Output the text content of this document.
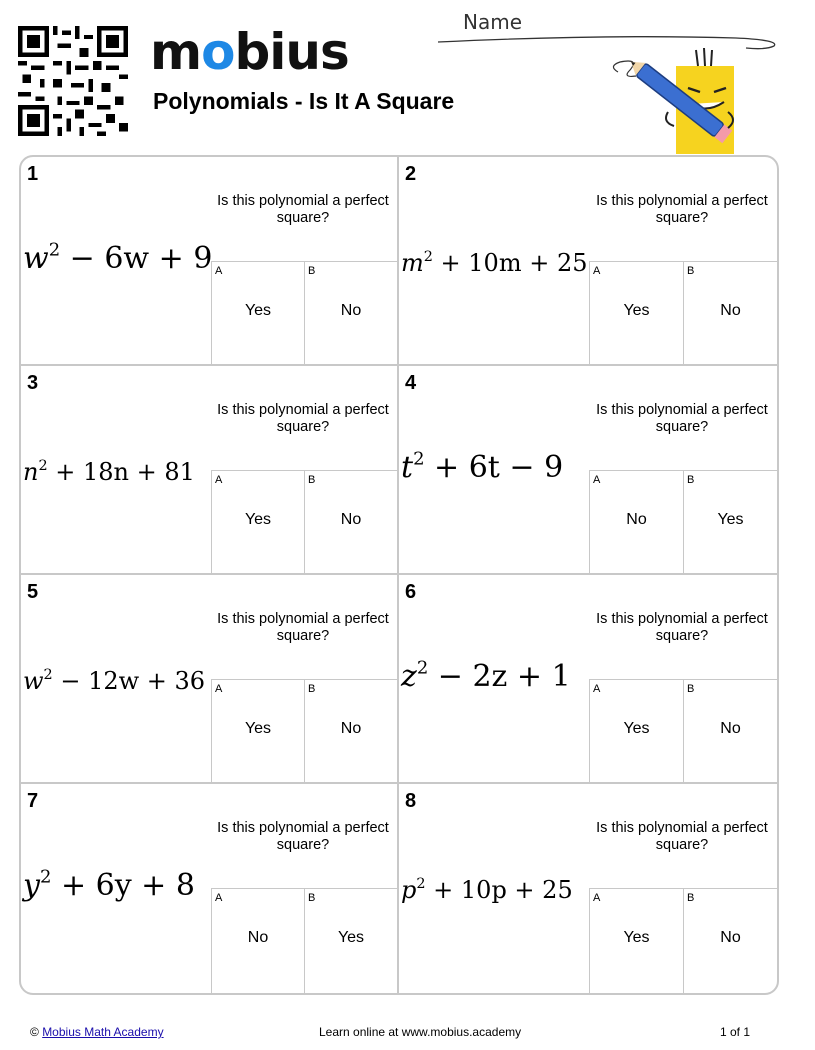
mobius
Polynomials - Is It A Square
Name
1
Is this polynomial a perfect square?
$w^2 - 6w + 9$ A
Yes
B
No
2
Is this polynomial a perfect square?
$m^2 + 10m + 25$ A
Yes
B
No
3
Is this polynomial a perfect square?
$n^2 + 18n + 81$	A
Yes
B
No
4
Is this polynomial a perfect square?
$t^2 + 6t - 9$	A
No
B
Yes
5
Is this polynomial a perfect square?
$w^2 - 12w + 36$ A
Yes
B
No
6
Is this polynomial a perfect square?
$z^2 - 2z + 1$	A
Yes
B
No
7
Is this polynomial a perfect square?
$y^2 + 6y + 8$	A
No
B
Yes
8
Is this polynomial a perfect square?
$p^2 + 10p + 25$	A
Yes
B
No
© Mobius Math Academy	Learn online at www.mobius.academy	1 of 1
